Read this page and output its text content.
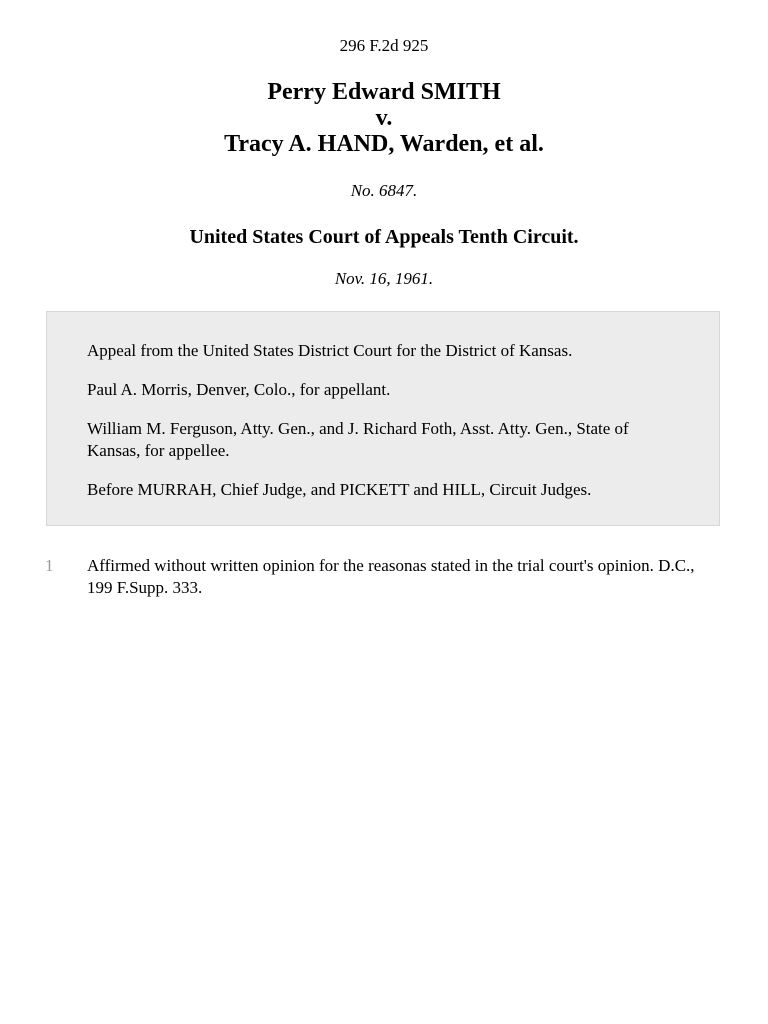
296 F.2d 925
Perry Edward SMITH
v.
Tracy A. HAND, Warden, et al.
No. 6847.
United States Court of Appeals Tenth Circuit.
Nov. 16, 1961.

Appeal from the United States District Court for the District of Kansas.

Paul A. Morris, Denver, Colo., for appellant.

William M. Ferguson, Atty. Gen., and J. Richard Foth, Asst. Atty. Gen., State of Kansas, for appellee.

Before MURRAH, Chief Judge, and PICKETT and HILL, Circuit Judges.

1 Affirmed without written opinion for the reasonas stated in the trial court's opinion. D.C., 199 F.Supp. 333.
